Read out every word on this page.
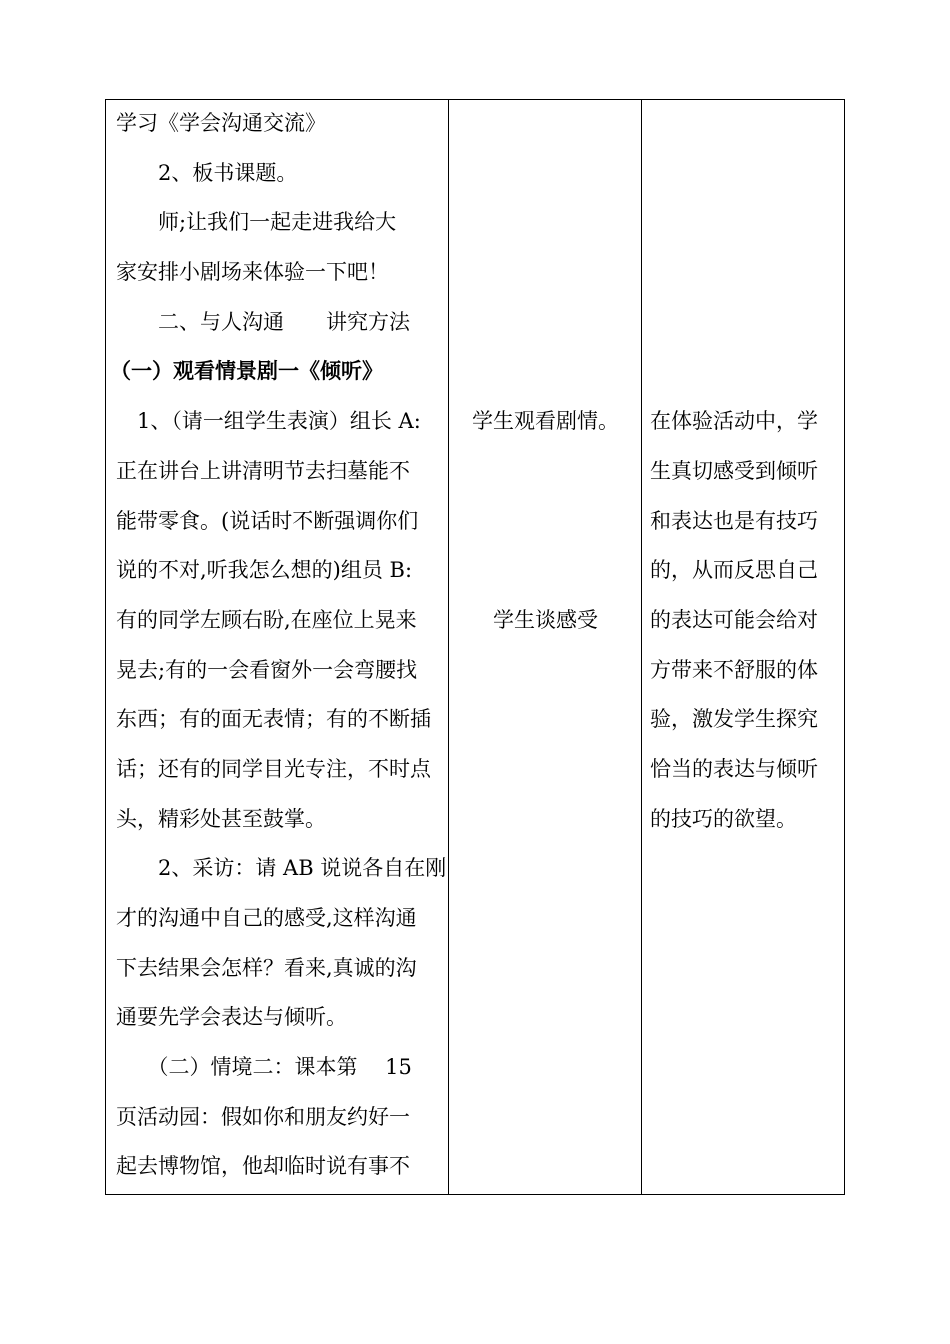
学习《学会沟通交流》
　　2、板书课题。
　　师;让我们一起走进我给大
家安排小剧场来体验一下吧！
　　二、与人沟通　　讲究方法
（一）观看情景剧一《倾听》
　1、（请一组学生表演）组长 A:
正在讲台上讲清明节去扫墓能不
能带零食。(说话时不断强调你们
说的不对,听我怎么想的)组员 B:
有的同学左顾右盼,在座位上晃来
晃去;有的一会看窗外一会弯腰找
东西；有的面无表情；有的不断插
话；还有的同学目光专注，不时点
头，精彩处甚至鼓掌。
　　2、采访：请 AB 说说各自在刚
才的沟通中自己的感受,这样沟通
下去结果会怎样？看来,真诚的沟
通要先学会表达与倾听。
　　（二）情境二：课本第　 15
页活动园：假如你和朋友约好一
起去博物馆，他却临时说有事不
学生观看剧情。
学生谈感受
在体验活动中，学
生真切感受到倾听
和表达也是有技巧
的，从而反思自己
的表达可能会给对
方带来不舒服的体
验，激发学生探究
恰当的表达与倾听
的技巧的欲望。
